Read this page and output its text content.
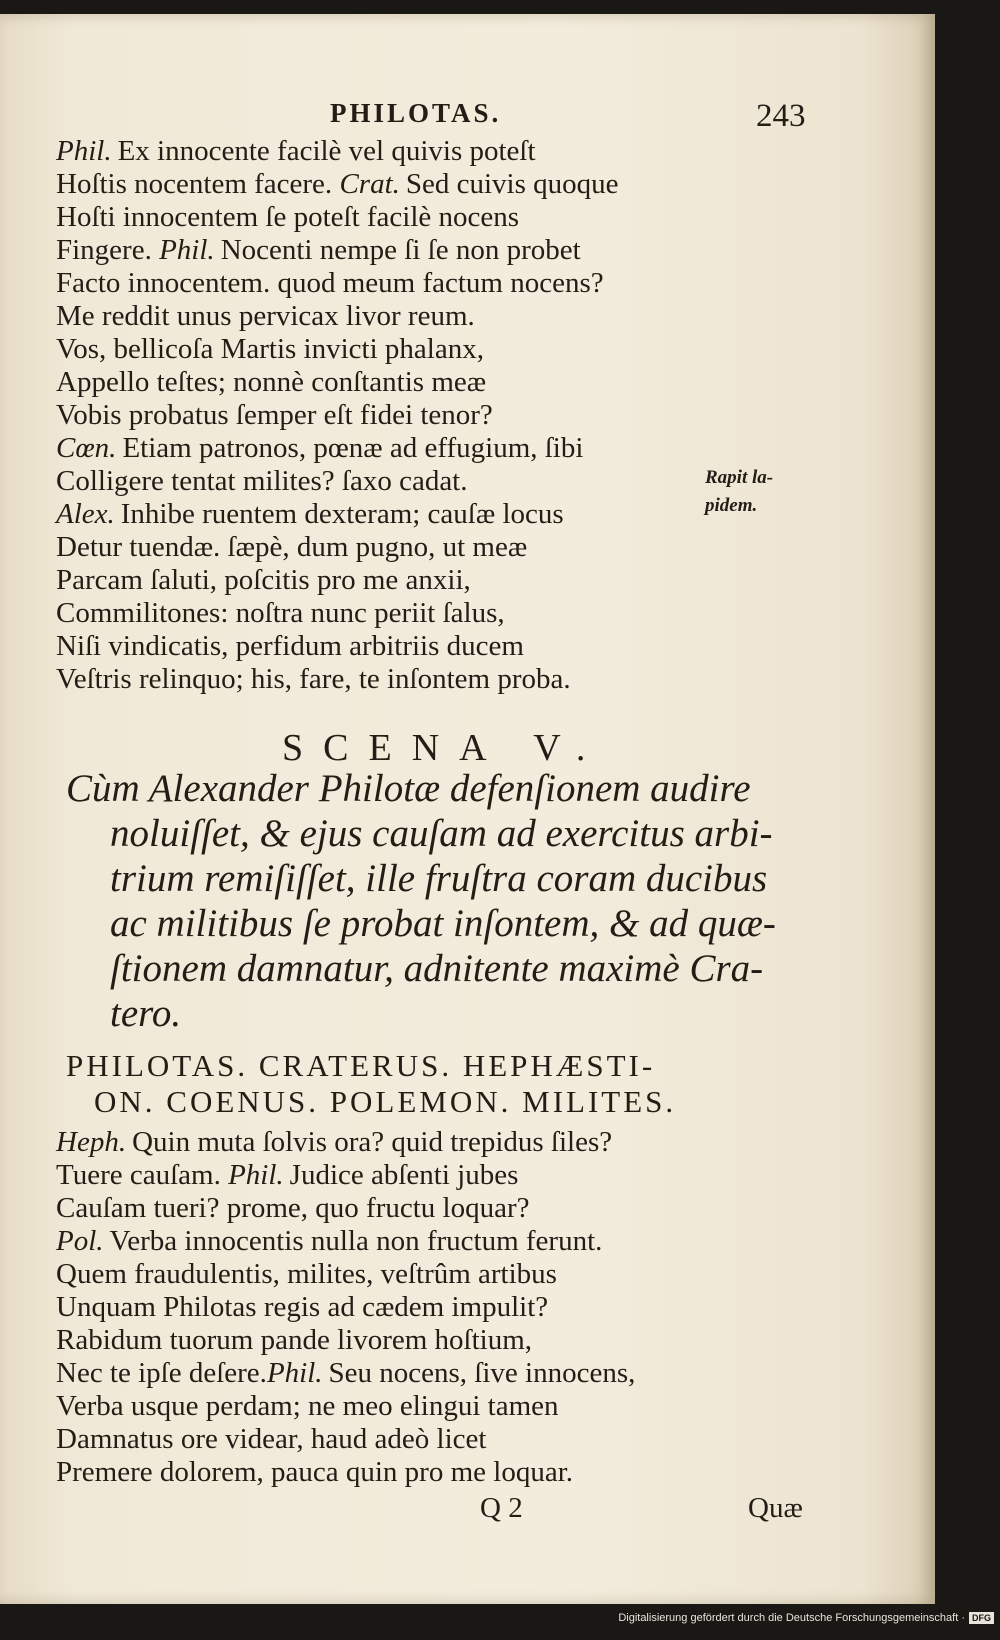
PHILOTAS.	243
Phil. Ex innocente facilè vel quivis poteſt
Hoſtis nocentem facere. Crat. Sed cuivis quoque
Hoſti innocentem ſe poteſt facilè nocens
Fingere. Phil. Nocenti nempe ſi ſe non probet
Facto innocentem. quod meum factum nocens?
Me reddit unus pervicax livor reum.
Vos, bellicoſa Martis invicti phalanx,
Appello teſtes; nonnè conſtantis meæ
Vobis probatus ſemper eſt fidei tenor?
Cœn. Etiam patronos, pœnæ ad effugium, ſibi
Colligere tentat milites? ſaxo cadat.
Alex. Inhibe ruentem dexteram; cauſæ locus
Detur tuendæ. ſæpè, dum pugno, ut meæ
Parcam ſaluti, poſcitis pro me anxii,
Commilitones: noſtra nunc periit ſalus,
Niſi vindicatis, perfidum arbitriis ducem
Veſtris relinquo; his, fare, te inſontem proba.
Rapit la-
pidem.
SCENA V.
Cùm Alexander Philotæ defenſionem audire
noluiſſet, & ejus cauſam ad exercitus arbi-
trium remiſiſſet, ille fruſtra coram ducibus
ac militibus ſe probat inſontem, & ad quæ-
ſtionem damnatur, adnitente maximè Cra-
tero.
PHILOTAS. CRATERUS. HEPHÆSTI-
ON. COENUS. POLEMON. MILITES.
Heph. Quin muta ſolvis ora? quid trepidus ſiles?
Tuere cauſam. Phil. Judice abſenti jubes
Cauſam tueri? prome, quo fructu loquar?
Pol. Verba innocentis nulla non fructum ferunt.
Quem fraudulentis, milites, veſtrûm artibus
Unquam Philotas regis ad cædem impulit?
Rabidum tuorum pande livorem hoſtium,
Nec te ipſe deſere.Phil. Seu nocens, ſive innocens,
Verba usque perdam; ne meo elingui tamen
Damnatus ore videar, haud adeò licet
Premere dolorem, pauca quin pro me loquar.
Q 2	Quæ
Digitalisierung gefördert durch die Deutsche Forschungsgemeinschaft · DFG
